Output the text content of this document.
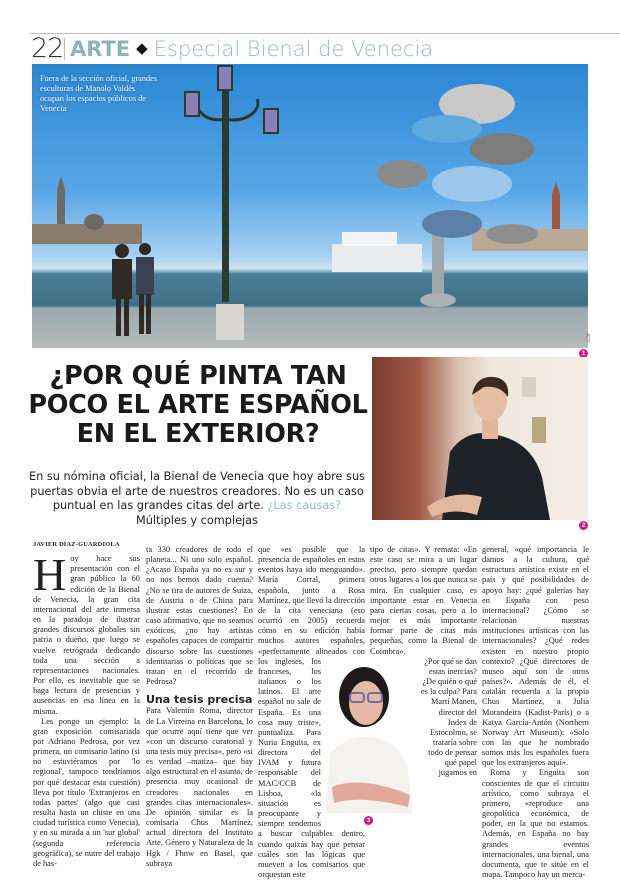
22 ARTE ◆ Especial Bienal de Venecia
Fuera de la sección oficial, grandes esculturas de Manolo Valdés ocupan los espacios públicos de Venecia
1
AFP
¿POR QUÉ PINTA TAN POCO EL ARTE ESPAÑOL EN EL EXTERIOR?

En su nómina oficial, la Bienal de Venecia que hoy abre sus puertas obvia el arte de nuestros creadores. No es un caso puntual en las grandes citas del arte. ¿Las causas? Múltiples y complejas	2
JAVIER DÍAZ-GUARDIOLA

Hoy hace sus presentación con el gran público la 60 edición de la Bienal de Venecia, la gran cita internacional del arte inmersa en la paradoja de ilustrar grandes discursos globales sin patria o dueño, que luego se vuelve retrógrada dedicando toda una sección a representaciones nacionales. Por ello, es inevitable que se haga lectura de presencias y ausencias en esa línea en la misma.

Les pongo un ejemplo: la gran exposición comisariada por Adriano Pedrosa, por vez primera, un comisario latino (si no estuviéramos por 'lo regional', tampoco tendríamos por qué destacar esta cuestión) lleva por título 'Extranjeros en todas partes' (algo que casi resulta hasta un chiste en una ciudad turística como Venecia), y en su mirada a un 'sur global' (segunda referencia geográfica), se nutre del trabajo de has-

ta 330 creadores de todo el planeta... Ni uno solo español. ¿Acaso España ya no es sur y no nos hemos dado cuenta? ¿No se tira de autores de Suiza, de Austria o de China para ilustrar estas cuestiones? En caso afirmativo, que no seamos exóticos, ¿no hay artistas españoles capaces de compartir discurso sobre las cuestiones identitarias o políticas que se tratan en el recorrido de Pedrosa?

Una tesis precisa

Para Valentín Roma, director de La Virreina en Barcelona, lo que ocurre aquí tiene que ver «con un discurso curatorial y una tesis muy precisa», pero «si es verdad –matiza– que hay algo estructural en el asunto, de presencia muy ocasional de creadores nacionales en grandes citas internacionales». De opinión similar es la comisaria Chus Martínez, actual directora del Instituto Arte, Género y Naturaleza de la Hgk / Fhnw en Basel, que subraya

que «es posible que la presencia de españoles en estos eventos haya ido menguando». María Corral, primera española, junto a Rosa Martínez, que llevó la dirección de la cita veneciana (eso ocurrió en 2005) recuerda cómo en su edición había muchos autores españoles, «perfectamente alineados con los ingleses, los franceses, los italianos o los latinos. El arte español no sale de España. Es una cosa muy triste», puntualiza. Para Nuria Enguita, ex directora del IVAM y futura responsable del MAC/CCB de Lisboa, «la situación es preocupante y siempre tendemos a buscar culpables dentro, cuando quizás hay que pensar cuáles son las lógicas que mueven a los comisarios que orquestan este

tipo de citas». Y remata: «En este caso se mira a un lugar preciso, pero siempre quedan otros lugares a los que nunca se mira. En cualquier caso, es importante estar en Venecia para ciertas cosas, pero a lo mejor es más importante formar parte de citas más pequeñas, como la Bienal de Coimbra».

¿Por qué se dan estas inercias? ¿De quién o qué es la culpa? Para Martí Manen, director del Index de Estocolmo, se trataría sobre todo de pensar qué papel jugamos en

general, «qué importancia le damos a la cultura, qué estructura artística existe en el país y qué posibilidades de apoyo hay: ¿qué galerías hay en España con peso internacional? ¿Cómo se relacionan nuestras instituciones artísticas con las internacionales? ¿Qué redes existen en nuestro propio contexto? ¿Qué directores de museo aquí son de otros países?». Además de él, el catalán recuerda a la propia Chus Martínez, a Julia Morandeira (Kadist-París) o a Katya García-Antón (Northern Norway Art Museum): «Solo con las que he nombrado somos más los españoles fuera que los extranjeros aquí».

Roma y Enguita son conscientes de que el circuito artístico, como subraya el primero, «reproduce una geopolítica económica, de poder, en la que no estamos. Además, en España no hay grandes eventos internacionales, una bienal, una documenta, que te sitúe en el mapa. Tampoco hay un merca-

3
